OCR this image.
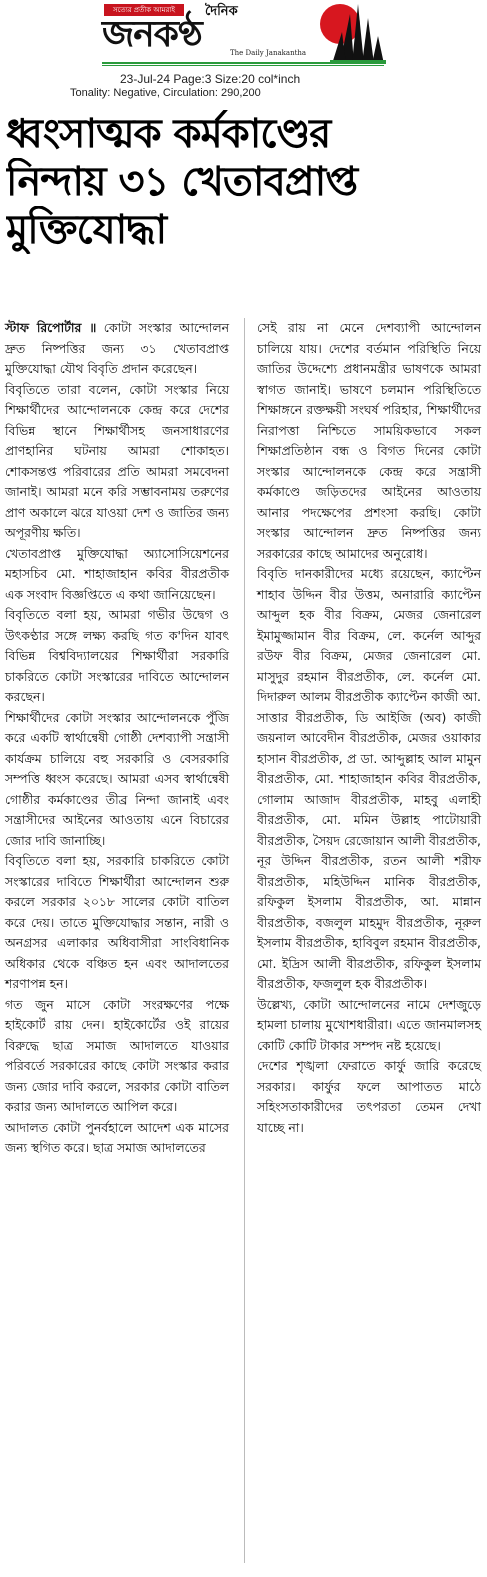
সত্যের প্রতীক আমরাই	দৈনিক
জনকণ্ঠ	The Daily Janakantha
23-Jul-24 Page:3 Size:20 col*inch
Tonality: Negative, Circulation: 290,200
ধ্বংসাত্মক কর্মকাণ্ডের
নিন্দায় ৩১ খেতাবপ্রাপ্ত
মুক্তিযোদ্ধা

স্টাফ রিপোর্টার ॥ কোটা সংস্কার আন্দোলন দ্রুত নিষ্পত্তির জন্য ৩১ খেতাবপ্রাপ্ত মুক্তিযোদ্ধা যৌথ বিবৃতি প্রদান করেছেন।

বিবৃতিতে তারা বলেন, কোটা সংস্কার নিয়ে শিক্ষার্থীদের আন্দোলনকে কেন্দ্র করে দেশের বিভিন্ন স্থানে শিক্ষার্থীসহ জনসাধারণের প্রাণহানির ঘটনায় আমরা শোকাহত। শোকসন্তপ্ত পরিবারের প্রতি আমরা সমবেদনা জানাই। আমরা মনে করি সম্ভাবনাময় তরুণের প্রাণ অকালে ঝরে যাওয়া দেশ ও জাতির জন্য অপূরণীয় ক্ষতি।

খেতাবপ্রাপ্ত মুক্তিযোদ্ধা অ্যাসোসিয়েশনের মহাসচিব মো. শাহাজাহান কবির বীরপ্রতীক এক সংবাদ বিজ্ঞপ্তিতে এ কথা জানিয়েছেন।

বিবৃতিতে বলা হয়, আমরা গভীর উদ্বেগ ও উৎকণ্ঠার সঙ্গে লক্ষ্য করছি গত ক'দিন যাবৎ বিভিন্ন বিশ্ববিদ্যালয়ের শিক্ষার্থীরা সরকারি চাকরিতে কোটা সংস্কারের দাবিতে আন্দোলন করছেন।

শিক্ষার্থীদের কোটা সংস্কার আন্দোলনকে পুঁজি করে একটি স্বার্থান্বেষী গোষ্ঠী দেশব্যাপী সন্ত্রাসী কার্যক্রম চালিয়ে বহু সরকারি ও বেসরকারি সম্পত্তি ধ্বংস করেছে। আমরা এসব স্বার্থান্বেষী গোষ্ঠীর কর্মকাণ্ডের তীব্র নিন্দা জানাই এবং সন্ত্রাসীদের আইনের আওতায় এনে বিচারের জোর দাবি জানাচ্ছি।

বিবৃতিতে বলা হয়, সরকারি চাকরিতে কোটা সংস্কারের দাবিতে শিক্ষার্থীরা আন্দোলন শুরু করলে সরকার ২০১৮ সালের কোটা বাতিল করে দেয়। তাতে মুক্তিযোদ্ধার সন্তান, নারী ও অনগ্রসর এলাকার অধিবাসীরা সাংবিধানিক অধিকার থেকে বঞ্চিত হন এবং আদালতের শরণাপন্ন হন।

গত জুন মাসে কোটা সংরক্ষণের পক্ষে হাইকোর্ট রায় দেন। হাইকোর্টের ওই রায়ের বিরুদ্ধে ছাত্র সমাজ আদালতে যাওয়ার পরিবর্তে সরকারের কাছে কোটা সংস্কার করার জন্য জোর দাবি করলে, সরকার কোটা বাতিল করার জন্য আদালতে আপিল করে।

আদালত কোটা পুনর্বহালে আদেশ এক মাসের জন্য স্থগিত করে। ছাত্র সমাজ আদালতের

সেই রায় না মেনে দেশব্যাপী আন্দোলন চালিয়ে যায়। দেশের বর্তমান পরিস্থিতি নিয়ে জাতির উদ্দেশ্যে প্রধানমন্ত্রীর ভাষণকে আমরা স্বাগত জানাই। ভাষণে চলমান পরিস্থিতিতে শিক্ষাঙ্গনে রক্তক্ষয়ী সংঘর্ষ পরিহার, শিক্ষার্থীদের নিরাপত্তা নিশ্চিতে সাময়িকভাবে সকল শিক্ষাপ্রতিষ্ঠান বন্ধ ও বিগত দিনের কোটা সংস্কার আন্দোলনকে কেন্দ্র করে সন্ত্রাসী কর্মকাণ্ডে জড়িতদের আইনের আওতায় আনার পদক্ষেপের প্রশংসা করছি। কোটা সংস্কার আন্দোলন দ্রুত নিষ্পত্তির জন্য সরকারের কাছে আমাদের অনুরোধ।

বিবৃতি দানকারীদের মধ্যে রয়েছেন, ক্যাপ্টেন শাহাব উদ্দিন বীর উত্তম, অনারারি ক্যাপ্টেন আব্দুল হক বীর বিক্রম, মেজর জেনারেল ইমামুজ্জামান বীর বিক্রম, লে. কর্নেল আব্দুর রউফ বীর বিক্রম, মেজর জেনারেল মো. মাসুদুর রহমান বীরপ্রতীক, লে. কর্নেল মো. দিদারুল আলম বীরপ্রতীক ক্যাপ্টেন কাজী আ. সাত্তার বীরপ্রতীক, ডি আইজি (অব) কাজী জয়নাল আবেদীন বীরপ্রতীক, মেজর ওয়াকার হাসান বীরপ্রতীক, প্র ডা. আব্দুল্লাহ আল মামুন বীরপ্রতীক, মো. শাহাজাহান কবির বীরপ্রতীক, গোলাম আজাদ বীরপ্রতীক, মাহবু এলাহী বীরপ্রতীক, মো. মমিন উল্লাহ পাটোয়ারী বীরপ্রতীক, সৈয়দ রেজোয়ান আলী বীরপ্রতীক, নূর উদ্দিন বীরপ্রতীক, রতন আলী শরীফ বীরপ্রতীক, মহিউদ্দিন মানিক বীরপ্রতীক, রফিকুল ইসলাম বীরপ্রতীক, আ. মান্নান বীরপ্রতীক, বজলুল মাহমুদ বীরপ্রতীক, নূরুল ইসলাম বীরপ্রতীক, হাবিবুল রহমান বীরপ্রতীক, মো. ইদ্রিস আলী বীরপ্রতীক, রফিকুল ইসলাম বীরপ্রতীক, ফজলুল হক বীরপ্রতীক।

উল্লেখ্য, কোটা আন্দোলনের নামে দেশজুড়ে হামলা চালায় মুখোশধারীরা। এতে জানমালসহ কোটি কোটি টাকার সম্পদ নষ্ট হয়েছে।

দেশের শৃঙ্খলা ফেরাতে কার্ফু জারি করেছে সরকার। কার্ফুর ফলে আপাতত মাঠে সহিংসতাকারীদের তৎপরতা তেমন দেখা যাচ্ছে না।
